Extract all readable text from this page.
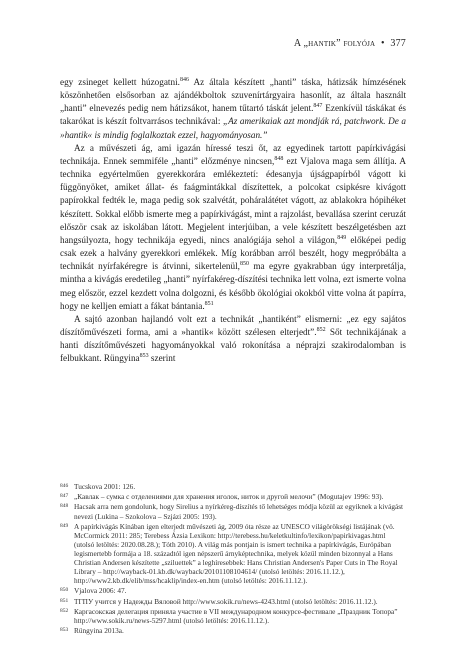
A „hantik” folyója • 377

egy zsineget kellett húzogatni.$^{846}$ Az általa készített „hanti” táska, hátizsák hímzésének köszönhetően elsősorban az ajándékboltok szuvenírtárgyaira hasonlít, az általa használt „hanti” elnevezés pedig nem hátizsákot, hanem tűtartó táskát jelent.$^{847}$ Ezenkívül táskákat és takarókat is készít foltvarrásos technikával: „Az amerikaiak azt mondják rá, patchwork. De a »hantik« is mindig foglalkoztak ezzel, hagyományosan.”

Az a művészeti ág, ami igazán híressé teszi őt, az egyedinek tartott papírkivágási technikája. Ennek semmiféle „hanti” előzménye nincsen,$^{848}$ ezt Vjalova maga sem állítja. A technika egyértelműen gyerekkorára emlékeztetí: édesanyja újságpapírból vágott ki függönyöket, amiket állat- és faágmintákkal díszítettek, a polcokat csipkésre kivágott papírokkal fedték le, maga pedig sok szalvétát, poháralátétet vágott, az ablakokra hópihéket készített. Sokkal előbb ismerte meg a papírkivágást, mint a rajzolást, bevallása szerint ceruzát először csak az iskolában látott. Megjelent interjúiban, a vele készített beszélgetésben azt hangsúlyozta, hogy technikája egyedi, nincs analógiája sehol a világon,$^{849}$ előképei pedig csak ezek a halvány gyerekkori emlékek. Míg korábban arról beszélt, hogy megpróbálta a technikát nyírfakéregre is átvinni, sikertelenül,$^{850}$ ma egyre gyakrabban úgy interpretálja, mintha a kivágás eredetileg „hanti” nyírfakéreg-díszítési technika lett volna, ezt ismerte volna meg először, ezzel kezdett volna dolgozni, és később ökológiai okokból vitte volna át papírra, hogy ne kelljen emiatt a fákat bántania.$^{851}$

A sajtó azonban hajlandó volt ezt a technikát „hantiként” elismerni: „ez egy sajátos díszítőművészeti forma, ami a »hantik« között szélesen elterjedt”.$^{852}$ Sőt technikájának a hanti díszítőművészeti hagyományokkal való rokonítása a néprajzi szakirodalomban is felbukkant. Rüngyina$^{853}$ szerint

846 Tucskova 2001: 126.
847 „Кавлак – сумка с отделениями для хранения иголок, ниток и другой мелочи” (Mogutajev 1996: 93).
848 Hacsak arra nem gondolunk, hogy Sirelius a nyírkéreg-díszítés tő lehetséges módja közül az egyiknek a kivágást nevezi (Lukina – Szokolova – Szjázi 2005: 193).
849 A papírkivágás Kínában igen elterjedt művészeti ág, 2009 óta része az UNESCO világörökségi listájának (vö. McCormick 2011: 285; Terebess Ázsia Lexikon: http://terebess.hu/keletkultinfo/lexikon/papirkivagas.html (utolsó letöltés: 2020.08.28.); Tóth 2010). A világ más pontjain is ismert technika a papírkivágás, Európában legismertebb formája a 18. századtól igen népszerű árnyképtechnika, melyek közül minden bizonnyal a Hans Christian Andersen készítette „sziluettek” a leghíresebbek: Hans Christian Andersen's Paper Cuts in The Royal Library – http://wayback-01.kb.dk/wayback/20101108104614/ (utolsó letöltés: 2016.11.12.), http://www2.kb.dk/elib/mss/hcaklip/index-en.htm (utolsó letöltés: 2016.11.12.).
850 Vjalova 2006: 47.
851 ТГПУ учится у Надежды Вяловой http://www.sokik.ru/news-4243.html (utolsó letöltés: 2016.11.12.).
852 Каргасокская делегация приняла участие в VII международном конкурсе-фестивале „Праздник Топора” http://www.sokik.ru/news-5297.html (utolsó letöltés: 2016.11.12.).
853 Rüngyina 2013a.
